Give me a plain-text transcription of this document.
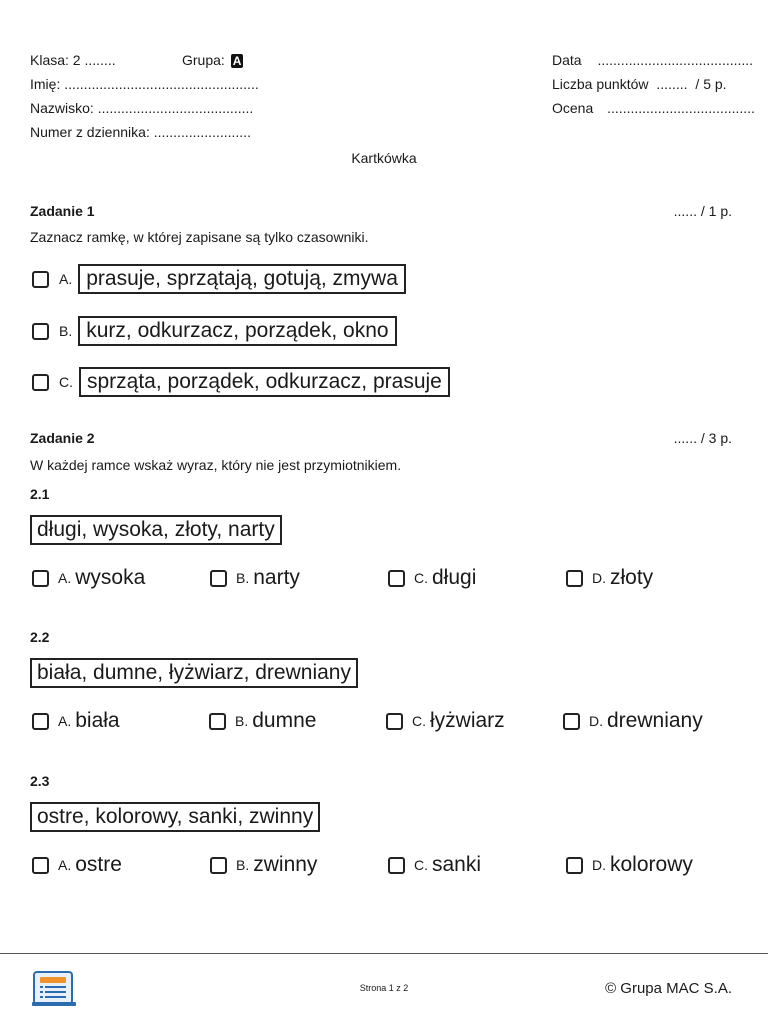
Klasa: 2 ........	Grupa: A
Imię: ..................................................
Nazwisko: ........................................
Numer z dziennika: .........................
Data ........................................
Liczba punktów ........ / 5 p.
Ocena ......................................
Kartkówka
Zadanie 1	...... / 1 p.
Zaznacz ramkę, w której zapisane są tylko czasowniki.
A. prasuje, sprzątają, gotują, zmywa
B. kurz, odkurzacz, porządek, okno
C. sprząta, porządek, odkurzacz, prasuje
Zadanie 2	...... / 3 p.
W każdej ramce wskaż wyraz, który nie jest przymiotnikiem.
2.1
długi, wysoka, złoty, narty
A. wysoka	B. narty	C. długi	D. złoty
2.2
biała, dumne, łyżwiarz, drewniany
A. biała	B. dumne	C. łyżwiarz	D. drewniany
2.3
ostre, kolorowy, sanki, zwinny
A. ostre	B. zwinny	C. sanki	D. kolorowy
Strona 1 z 2	© Grupa MAC S.A.
